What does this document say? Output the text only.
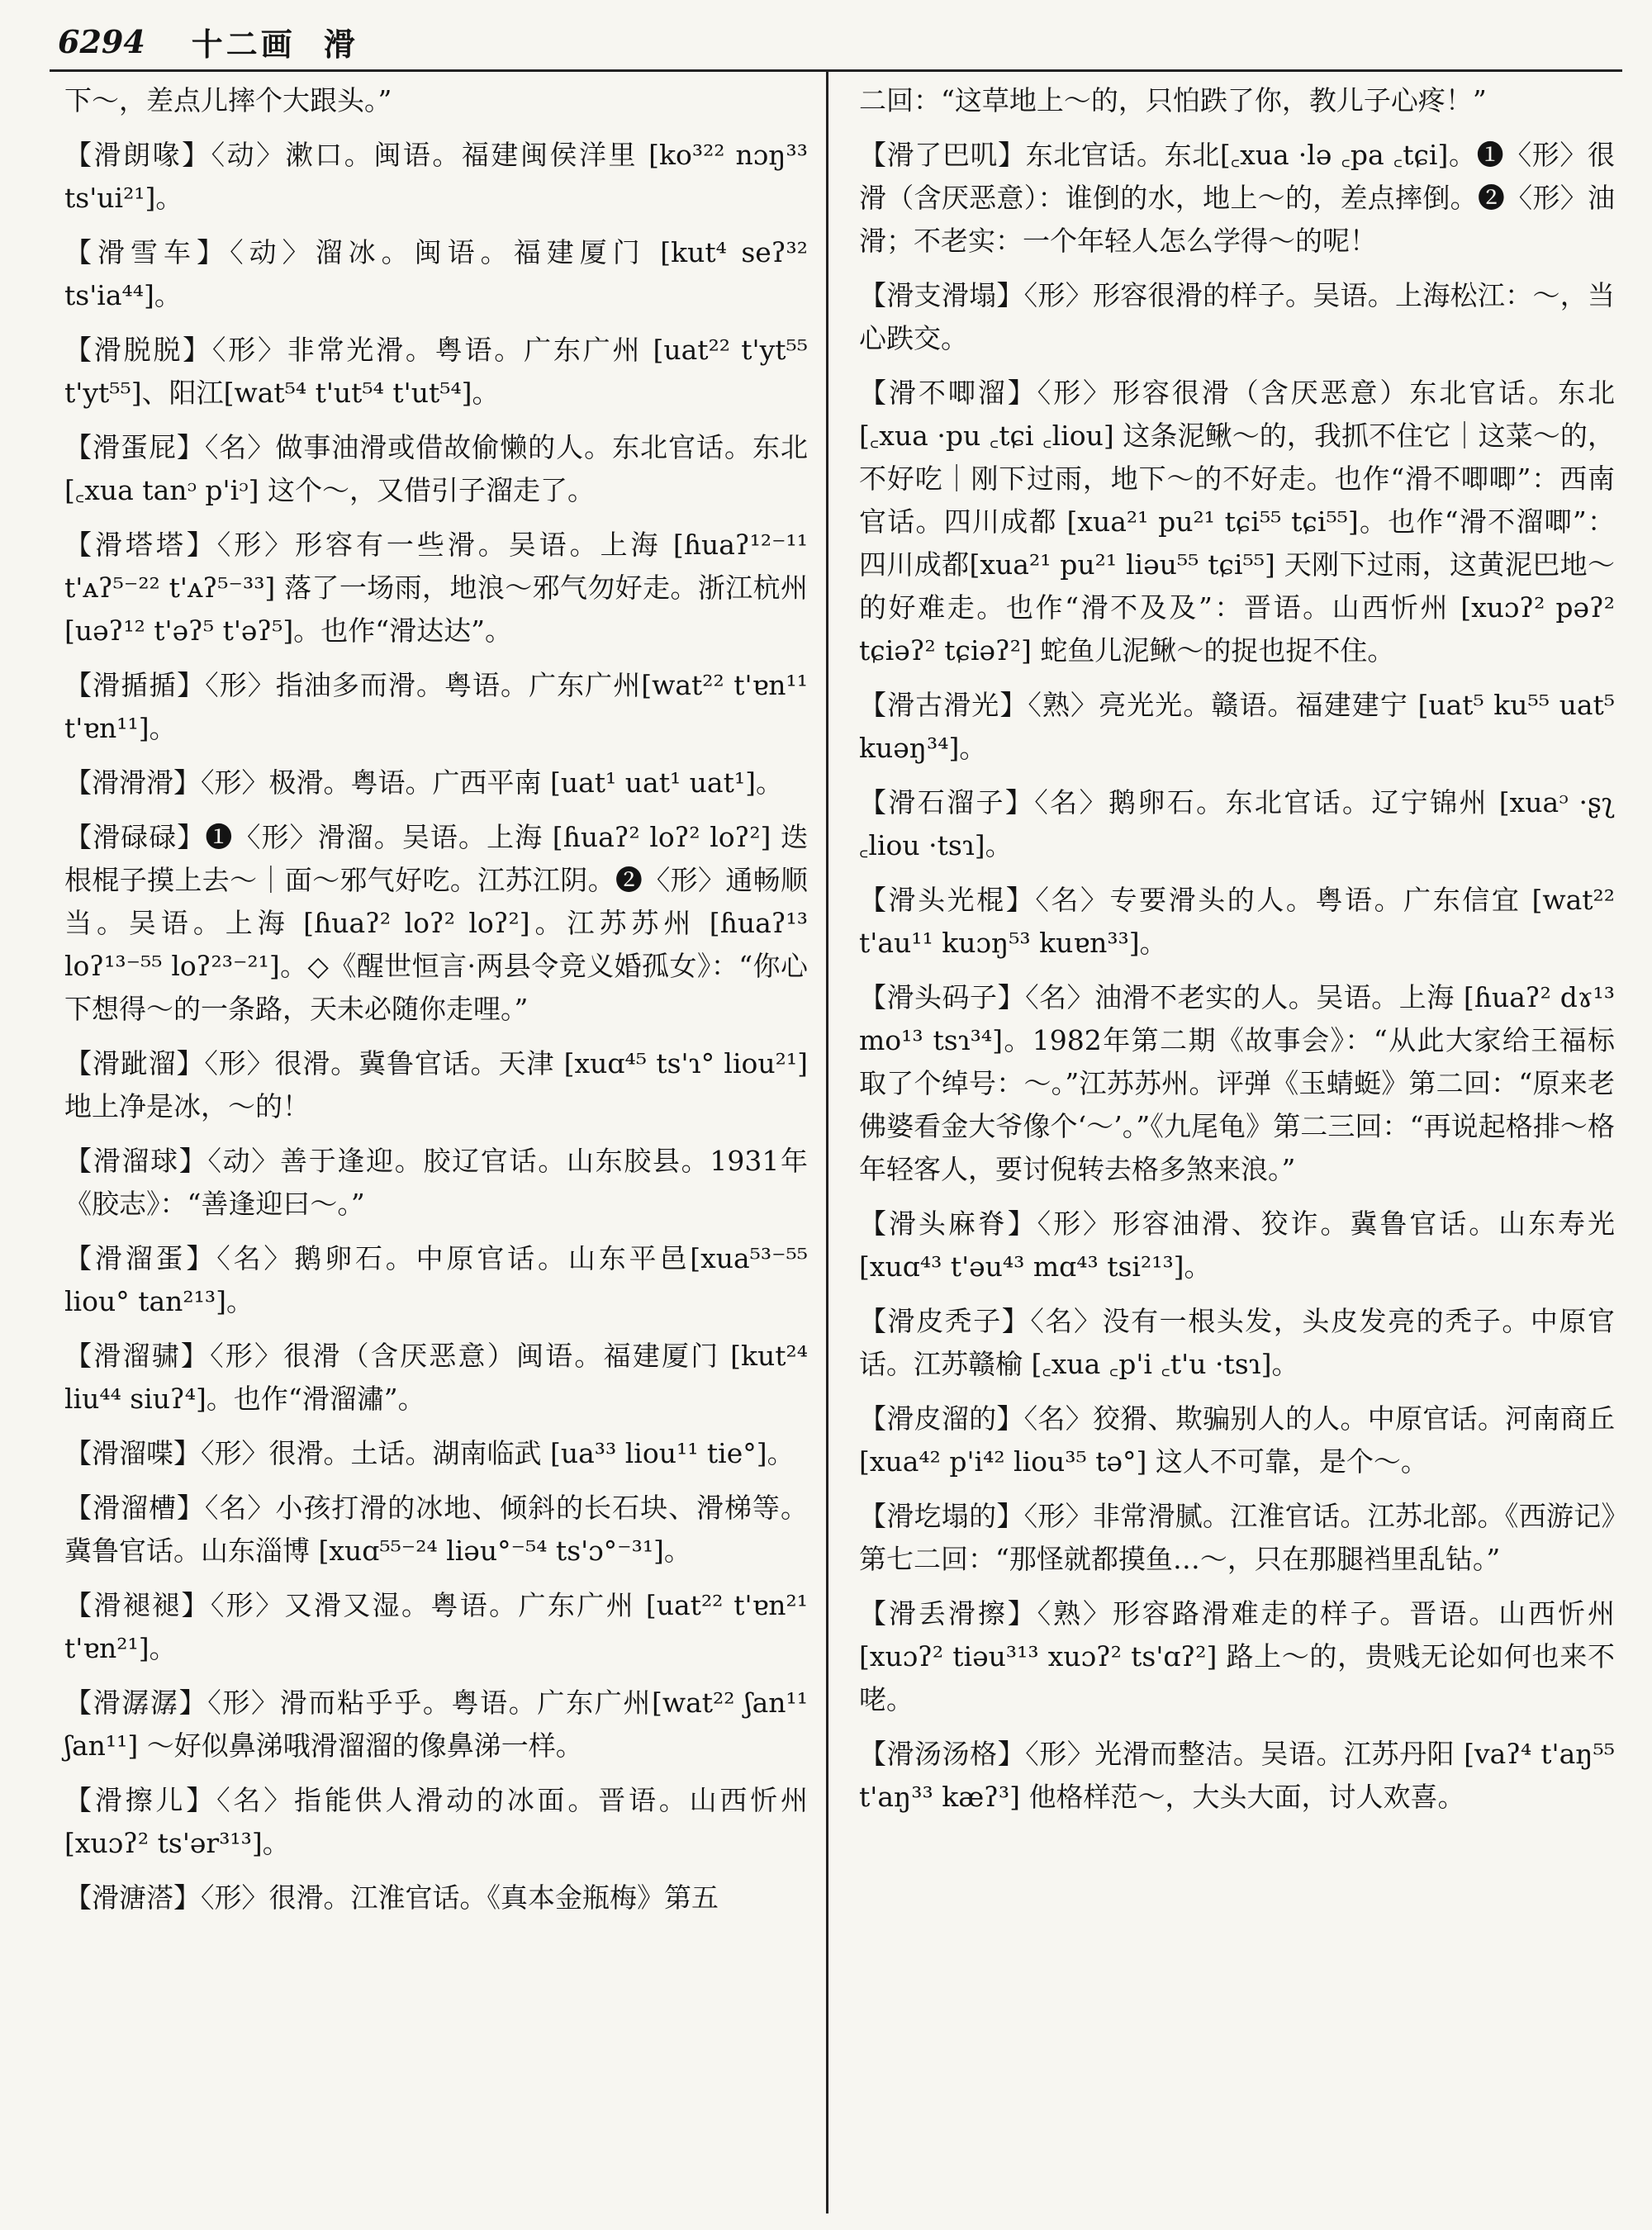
6294 十二画 滑
下～，差点儿摔个大跟头。”
【滑朗喙】〈动〉漱口。闽语。福建闽侯洋里 [ko³²² nɔŋ³³ ts'ui²¹]。
【滑雪车】〈动〉溜冰。闽语。福建厦门 [kut⁴ seʔ³² ts'ia⁴⁴]。
【滑脱脱】〈形〉非常光滑。粤语。广东广州 [uat²² t'yt⁵⁵ t'yt⁵⁵]、阳江[wat⁵⁴ t'ut⁵⁴ t'ut⁵⁴]。
【滑蛋屁】〈名〉做事油滑或借故偷懒的人。东北官话。东北 [꜀xua tanᵓ p'iᵓ] 这个～，又借引子溜走了。
【滑塔塔】〈形〉形容有一些滑。吴语。上海 [ɦuaʔ¹²⁻¹¹ t'ᴀʔ⁵⁻²² t'ᴀʔ⁵⁻³³] 落了一场雨，地浪～邪气勿好走。浙江杭州 [uəʔ¹² t'əʔ⁵ t'əʔ⁵]。也作“滑达达”。
【滑揗揗】〈形〉指油多而滑。粤语。广东广州[wat²² t'ɐn¹¹ t'ɐn¹¹]。
【滑滑滑】〈形〉极滑。粤语。广西平南 [uat¹ uat¹ uat¹]。
【滑碌碌】❶〈形〉滑溜。吴语。上海 [ɦuaʔ² loʔ² loʔ²] 迭根棍子摸上去～｜面～邪气好吃。江苏江阴。❷〈形〉通畅顺当。吴语。上海 [ɦuaʔ² loʔ² loʔ²]。江苏苏州 [ɦuaʔ¹³ loʔ¹³⁻⁵⁵ loʔ²³⁻²¹]。◇《醒世恒言·两县令竞义婚孤女》：“你心下想得～的一条路，天未必随你走哩。”
【滑跐溜】〈形〉很滑。冀鲁官话。天津 [xuɑ⁴⁵ ts'ɿ° liou²¹] 地上净是冰，～的！
【滑溜球】〈动〉善于逢迎。胶辽官话。山东胶县。1931年《胶志》：“善逢迎曰～。”
【滑溜蛋】〈名〉鹅卵石。中原官话。山东平邑[xua⁵³⁻⁵⁵ liou° tan²¹³]。
【滑溜骕】〈形〉很滑（含厌恶意）闽语。福建厦门 [kut²⁴ liu⁴⁴ siuʔ⁴]。也作“滑溜潚”。
【滑溜喋】〈形〉很滑。土话。湖南临武 [ua³³ liou¹¹ tie°]。
【滑溜槽】〈名〉小孩打滑的冰地、倾斜的长石块、滑梯等。冀鲁官话。山东淄博 [xuɑ⁵⁵⁻²⁴ liəu°⁻⁵⁴ ts'ɔ°⁻³¹]。
【滑褪褪】〈形〉又滑又湿。粤语。广东广州 [uat²² t'ɐn²¹ t'ɐn²¹]。
【滑潺潺】〈形〉滑而粘乎乎。粤语。广东广州[wat²² ʃan¹¹ ʃan¹¹] ～好似鼻涕哦滑溜溜的像鼻涕一样。
【滑擦儿】〈名〉指能供人滑动的冰面。晋语。山西忻州 [xuɔʔ² ts'ər³¹³]。
【滑溏溚】〈形〉很滑。江淮官话。《真本金瓶梅》第五
二回：“这草地上～的，只怕跌了你，教儿子心疼！”
【滑了巴叽】东北官话。东北[꜀xua ·lə ꜀pa ꜀tɕi]。❶〈形〉很滑（含厌恶意）：谁倒的水，地上～的，差点摔倒。❷〈形〉油滑；不老实：一个年轻人怎么学得～的呢！
【滑支滑塌】〈形〉形容很滑的样子。吴语。上海松江：～，当心跌交。
【滑不唧溜】〈形〉形容很滑（含厌恶意）东北官话。东北 [꜀xua ·pu ꜀tɕi ꜀liou] 这条泥鳅～的，我抓不住它｜这菜～的，不好吃｜刚下过雨，地下～的不好走。也作“滑不唧唧”：西南官话。四川成都 [xua²¹ pu²¹ tɕi⁵⁵ tɕi⁵⁵]。也作“滑不溜唧”：四川成都[xua²¹ pu²¹ liəu⁵⁵ tɕi⁵⁵] 天刚下过雨，这黄泥巴地～的好难走。也作“滑不及及”：晋语。山西忻州 [xuɔʔ² pəʔ² tɕiəʔ² tɕiəʔ²] 蛇鱼儿泥鳅～的捉也捉不住。
【滑古滑光】〈熟〉亮光光。赣语。福建建宁 [uat⁵ ku⁵⁵ uat⁵ kuəŋ³⁴]。
【滑石溜子】〈名〉鹅卵石。东北官话。辽宁锦州 [xuaᵓ ·ʂʅ ꜀liou ·tsɿ]。
【滑头光棍】〈名〉专要滑头的人。粤语。广东信宜 [wat²² t'au¹¹ kuɔŋ⁵³ kuɐn³³]。
【滑头码子】〈名〉油滑不老实的人。吴语。上海 [ɦuaʔ² dɤ¹³ mo¹³ tsɿ³⁴]。1982年第二期《故事会》：“从此大家给王福标取了个绰号：～。”江苏苏州。评弹《玉蜻蜓》第二回：“原来老佛婆看金大爷像个‘～’。”《九尾龟》第二三回：“再说起格排～格年轻客人，要讨倪转去格多煞来浪。”
【滑头麻脊】〈形〉形容油滑、狡诈。冀鲁官话。山东寿光 [xuɑ⁴³ t'əu⁴³ mɑ⁴³ tsi²¹³]。
【滑皮秃子】〈名〉没有一根头发，头皮发亮的秃子。中原官话。江苏赣榆 [꜀xua ꜀p'i ꜀t'u ·tsɿ]。
【滑皮溜的】〈名〉狡猾、欺骗别人的人。中原官话。河南商丘 [xua⁴² p'i⁴² liou³⁵ tə°] 这人不可靠，是个～。
【滑圪塌的】〈形〉非常滑腻。江淮官话。江苏北部。《西游记》第七二回：“那怪就都摸鱼…～，只在那腿裆里乱钻。”
【滑丢滑擦】〈熟〉形容路滑难走的样子。晋语。山西忻州 [xuɔʔ² tiəu³¹³ xuɔʔ² ts'ɑʔ²] 路上～的，贵贱无论如何也来不咾。
【滑汤汤格】〈形〉光滑而整洁。吴语。江苏丹阳 [vaʔ⁴ t'aŋ⁵⁵ t'aŋ³³ kæʔ³] 他格样范～，大头大面，讨人欢喜。
